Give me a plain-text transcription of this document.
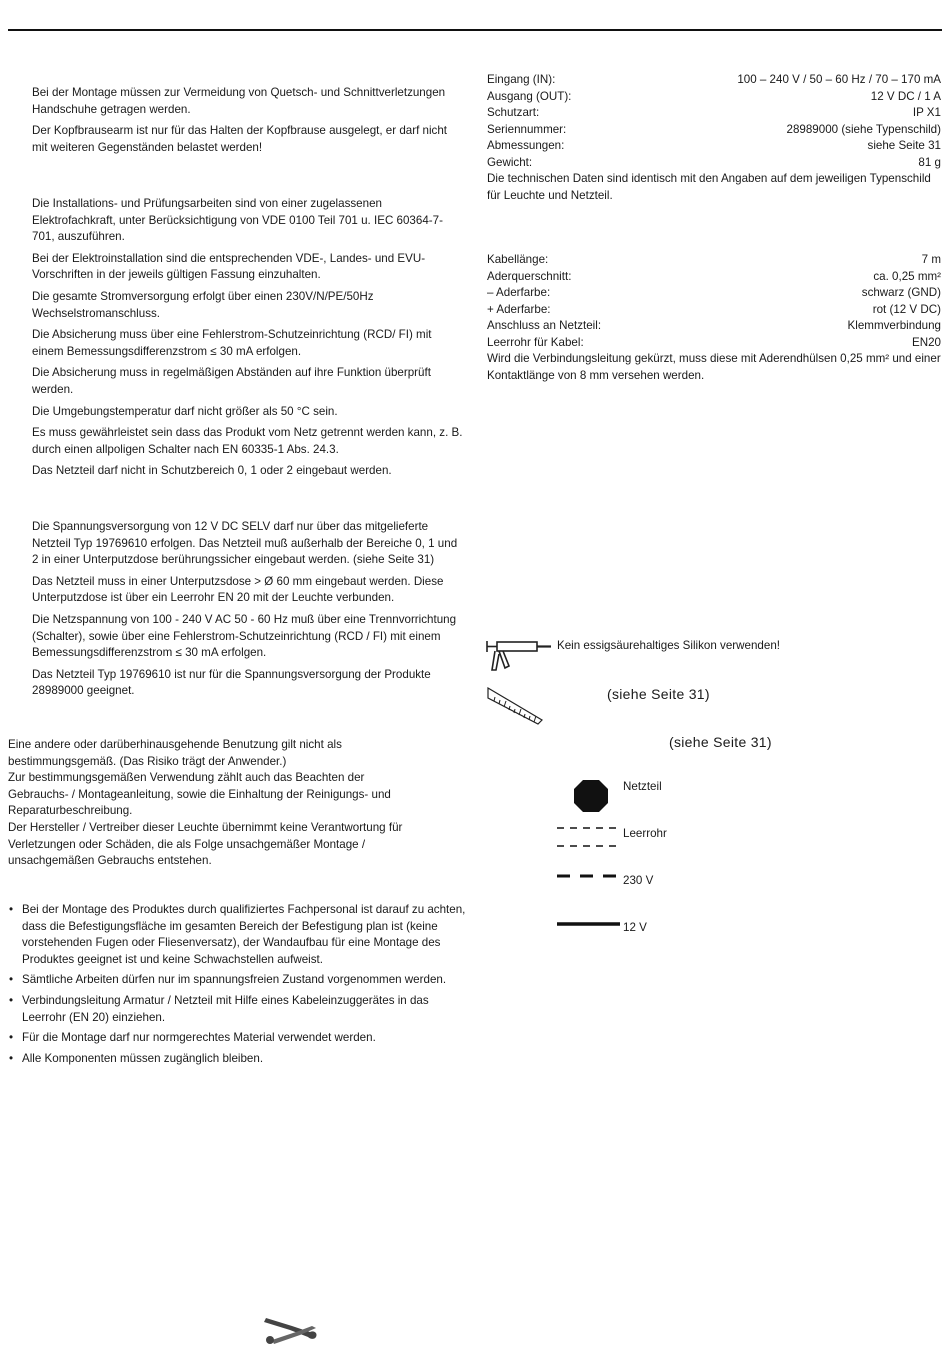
Bei der Montage müssen zur Vermeidung von Quetsch- und Schnittverletzungen Handschuhe getragen werden.

Der Kopfbrausearm ist nur für das Halten der Kopfbrause ausgelegt, er darf nicht mit weiteren Gegenständen belastet werden!

Die Installations- und Prüfungsarbeiten sind von einer zugelassenen Elektrofachkraft, unter Berücksichtigung von VDE 0100 Teil 701 u. IEC 60364-7-701, auszuführen.

Bei der Elektroinstallation sind die entsprechenden VDE-, Landes- und EVU-Vorschriften in der jeweils gültigen Fassung einzuhalten.

Die gesamte Stromversorgung erfolgt über einen 230V/N/PE/50Hz Wechselstromanschluss.

Die Absicherung muss über eine Fehlerstrom-Schutzeinrichtung (RCD/ FI) mit einem Bemessungsdifferenzstrom ≤ 30 mA erfolgen.

Die Absicherung muss in regelmäßigen Abständen auf ihre Funktion überprüft werden.

Die Umgebungstemperatur darf nicht größer als 50 °C sein.

Es muss gewährleistet sein dass das Produkt vom Netz getrennt werden kann, z. B. durch einen allpoligen Schalter nach EN 60335-1 Abs. 24.3.

Das Netzteil darf nicht in Schutzbereich 0, 1 oder 2 eingebaut werden.

Die Spannungsversorgung von 12 V DC SELV darf nur über das mitgelieferte Netzteil Typ 19769610 erfolgen. Das Netzteil muß außerhalb der Bereiche 0, 1 und 2 in einer Unterputzdose berührungssicher eingebaut werden. (siehe Seite 31)

Das Netzteil muss in einer Unterputzsdose > Ø 60 mm eingebaut werden. Diese Unterputzdose ist über ein Leerrohr EN 20 mit der Leuchte verbunden.

Die Netzspannung von 100 - 240 V AC 50 - 60 Hz muß über eine Trennvorrichtung (Schalter), sowie über eine Fehlerstrom-Schutzeinrichtung (RCD / FI) mit einem Bemessungsdifferenzstrom ≤ 30 mA erfolgen.

Das Netzteil Typ 19769610 ist nur für die Spannungsversorgung der Produkte 28989000 geeignet.

Eine andere oder darüberhinausgehende Benutzung gilt nicht als bestimmungsgemäß. (Das Risiko trägt der Anwender.)
Zur bestimmungsgemäßen Verwendung zählt auch das Beachten der Gebrauchs- / Montageanleitung, sowie die Einhaltung der Reinigungs- und Reparaturbeschreibung.
Der Hersteller / Vertreiber dieser Leuchte übernimmt keine Verantwortung für Verletzungen oder Schäden, die als Folge unsachgemäßer Montage / unsachgemäßen Gebrauchs entstehen.
• Bei der Montage des Produktes durch qualifiziertes Fachpersonal ist darauf zu achten, dass die Befestigungsfläche im gesamten Bereich der Befestigung plan ist (keine vorstehenden Fugen oder Fliesenversatz), der Wandaufbau für eine Montage des Produktes geeignet ist und keine Schwachstellen aufweist.
• Sämtliche Arbeiten dürfen nur im spannungsfreien Zustand vorgenommen werden.
• Verbindungsleitung Armatur / Netzteil mit Hilfe eines Kabeleinzuggerätes in das Leerrohr (EN 20) einziehen.
• Für die Montage darf nur normgerechtes Material verwendet werden.
• Alle Komponenten müssen zugänglich bleiben.
Eingang (IN):	100 – 240 V / 50 – 60 Hz / 70 – 170 mA
Ausgang (OUT):	12 V DC / 1 A
Schutzart:	IP X1
Seriennummer:	28989000 (siehe Typenschild)
Abmessungen:	siehe Seite 31
Gewicht:	81 g

Die technischen Daten sind identisch mit den Angaben auf dem jeweiligen Typenschild für Leuchte und Netzteil.

Kabellänge:	7 m
Aderquerschnitt:	ca. 0,25 mm²
– Aderfarbe:	schwarz (GND)
+ Aderfarbe:	rot (12 V DC)
Anschluss an Netzteil:	Klemmverbindung
Leerrohr für Kabel:	EN20

Wird die Verbindungsleitung gekürzt, muss diese mit Aderendhülsen 0,25 mm² und einer Kontaktlänge von 8 mm versehen werden.

Kein essigsäurehaltiges Silikon verwenden!
(siehe Seite 31)
(siehe Seite 31)
Netzteil
Leerrohr
230 V
12 V
